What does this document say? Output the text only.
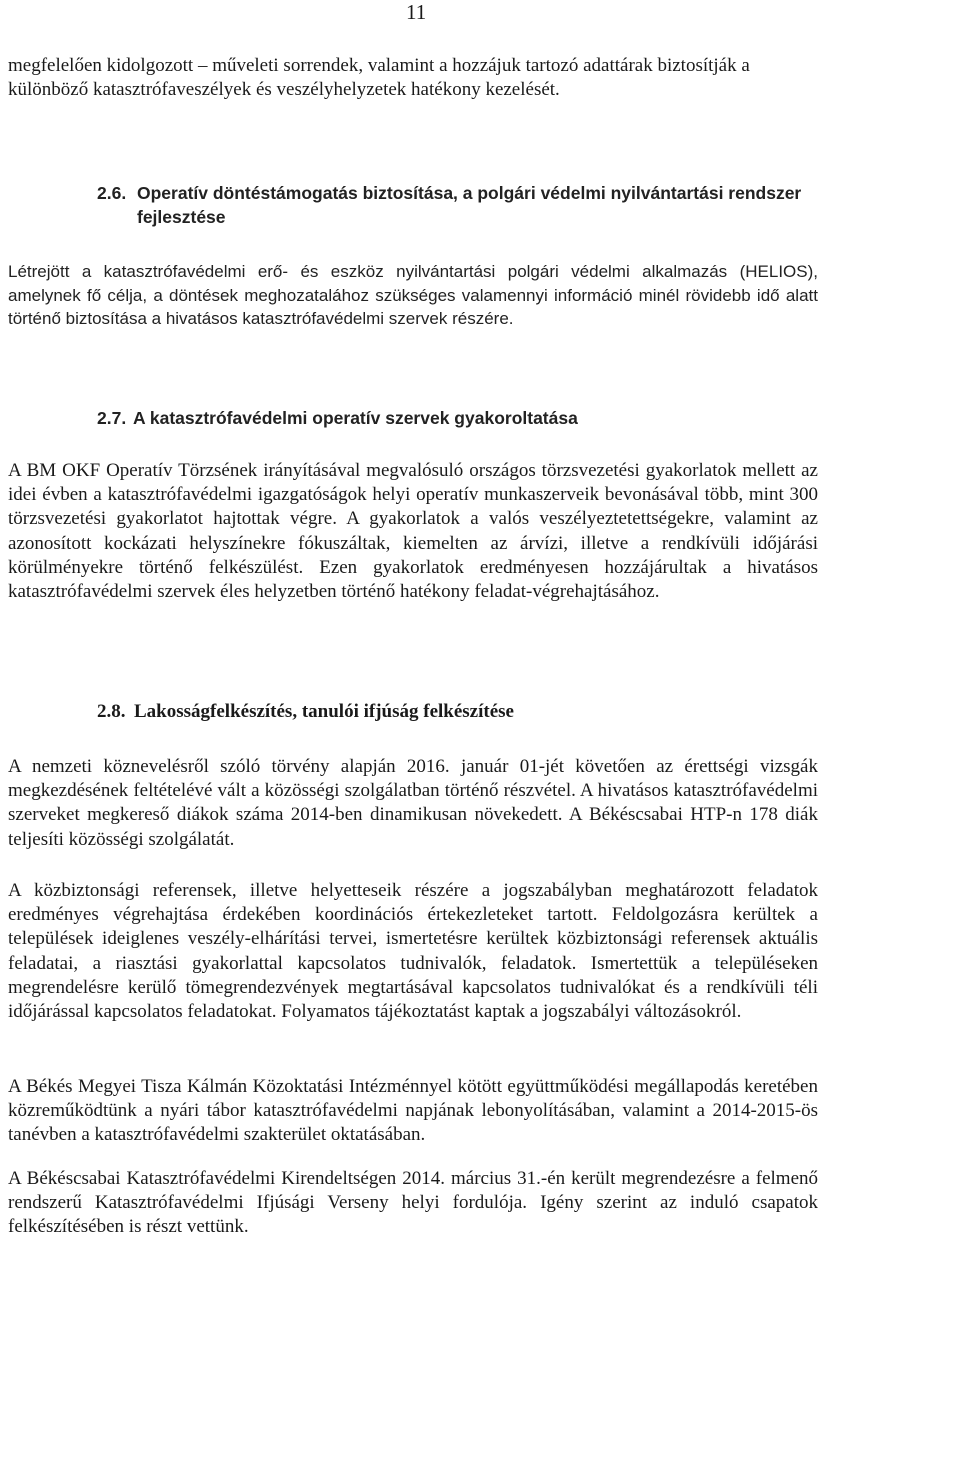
11
megfelelően kidolgozott – műveleti sorrendek, valamint a hozzájuk tartozó adattárak biztosítják a különböző katasztrófaveszélyek és veszélyhelyzetek hatékony kezelését.
2.6.	Operatív döntéstámogatás biztosítása, a polgári védelmi nyilvántartási rendszer fejlesztése
Létrejött a katasztrófavédelmi erő- és eszköz nyilvántartási polgári védelmi alkalmazás (HELIOS), amelynek fő célja, a döntések meghozatalához szükséges valamennyi információ minél rövidebb idő alatt történő biztosítása a hivatásos katasztrófavédelmi szervek részére.
2.7. A katasztrófavédelmi operatív szervek gyakoroltatása
A BM OKF Operatív Törzsének irányításával megvalósuló országos törzsvezetési gyakorlatok mellett az idei évben a katasztrófavédelmi igazgatóságok helyi operatív munkaszerveik bevonásával több, mint 300 törzsvezetési gyakorlatot hajtottak végre. A gyakorlatok a valós veszélyeztetettségekre, valamint az azonosított kockázati helyszínekre fókuszáltak, kiemelten az árvízi, illetve a rendkívüli időjárási körülményekre történő felkészülést. Ezen gyakorlatok eredményesen hozzájárultak a hivatásos katasztrófavédelmi szervek éles helyzetben történő hatékony feladat-végrehajtásához.
2.8. Lakosságfelkészítés, tanulói ifjúság felkészítése
A nemzeti köznevelésről szóló törvény alapján 2016. január 01-jét követően az érettségi vizsgák megkezdésének feltételévé vált a közösségi szolgálatban történő részvétel. A hivatásos katasztrófavédelmi szerveket megkereső diákok száma 2014-ben dinamikusan növekedett. A Békéscsabai HTP-n 178 diák teljesíti közösségi szolgálatát.
A közbiztonsági referensek, illetve helyetteseik részére a jogszabályban meghatározott feladatok eredményes végrehajtása érdekében koordinációs értekezleteket tartott. Feldolgozásra kerültek a települések ideiglenes veszély-elhárítási tervei, ismertetésre kerültek közbiztonsági referensek aktuális feladatai, a riasztási gyakorlattal kapcsolatos tudnivalók, feladatok. Ismertettük a településeken megrendelésre kerülő tömegrendezvények megtartásával kapcsolatos tudnivalókat és a rendkívüli téli időjárással kapcsolatos feladatokat. Folyamatos tájékoztatást kaptak a jogszabályi változásokról.
A Békés Megyei Tisza Kálmán Közoktatási Intézménnyel kötött együttműködési megállapodás keretében közreműködtünk a nyári tábor katasztrófavédelmi napjának lebonyolításában, valamint a 2014-2015-ös tanévben a katasztrófavédelmi szakterület oktatásában.
A Békéscsabai Katasztrófavédelmi Kirendeltségen 2014. március 31.-én került megrendezésre a felmenő rendszerű Katasztrófavédelmi Ifjúsági Verseny helyi fordulója. Igény szerint az induló csapatok felkészítésében is részt vettünk.
